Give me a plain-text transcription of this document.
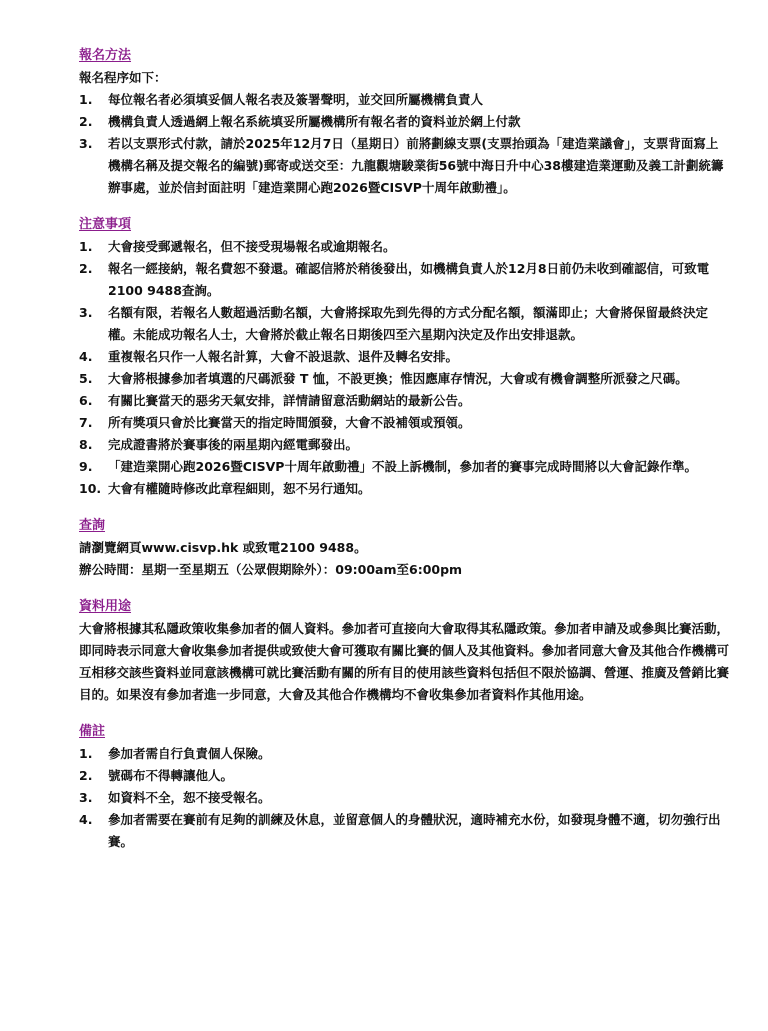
報名方法
報名程序如下：
1.	每位報名者必須填妥個人報名表及簽署聲明，並交回所屬機構負責人
2.	機構負責人透過網上報名系統填妥所屬機構所有報名者的資料並於網上付款
3.	若以支票形式付款，請於2025年12月7日（星期日）前將劃線支票(支票抬頭為「建造業議會」，支票背面寫上機構名稱及提交報名的編號)郵寄或送交至：九龍觀塘駿業街56號中海日升中心38樓建造業運動及義工計劃統籌辦事處，並於信封面註明「建造業開心跑2026暨CISVP十周年啟動禮」。
注意事項
1.	大會接受郵遞報名，但不接受現場報名或逾期報名。
2.	報名一經接納，報名費恕不發還。確認信將於稍後發出，如機構負責人於12月8日前仍未收到確認信，可致電2100 9488查詢。
3.	名額有限，若報名人數超過活動名額，大會將採取先到先得的方式分配名額，額滿即止；大會將保留最終決定權。未能成功報名人士，大會將於截止報名日期後四至六星期內決定及作出安排退款。
4.	重複報名只作一人報名計算，大會不設退款、退件及轉名安排。
5.	大會將根據參加者填選的尺碼派發 T 恤，不設更換；惟因應庫存情況，大會或有機會調整所派發之尺碼。
6.	有關比賽當天的惡劣天氣安排，詳情請留意活動網站的最新公告。
7.	所有獎項只會於比賽當天的指定時間頒發，大會不設補領或預領。
8.	完成證書將於賽事後的兩星期內經電郵發出。
9.	「建造業開心跑2026暨CISVP十周年啟動禮」不設上訴機制，參加者的賽事完成時間將以大會記錄作準。
10. 大會有權隨時修改此章程細則，恕不另行通知。
查詢
請瀏覽網頁www.cisvp.hk 或致電2100 9488。
辦公時間：星期一至星期五（公眾假期除外）：09:00am至6:00pm
資料用途
大會將根據其私隱政策收集參加者的個人資料。參加者可直接向大會取得其私隱政策。參加者申請及或參與比賽活動，即同時表示同意大會收集參加者提供或致使大會可獲取有關比賽的個人及其他資料。參加者同意大會及其他合作機構可互相移交該些資料並同意該機構可就比賽活動有關的所有目的使用該些資料包括但不限於協調、營運、推廣及營銷比賽目的。如果沒有參加者進一步同意，大會及其他合作機構均不會收集參加者資料作其他用途。
備註
1.	參加者需自行負責個人保險。
2.	號碼布不得轉讓他人。
3.	如資料不全，恕不接受報名。
4.	參加者需要在賽前有足夠的訓練及休息，並留意個人的身體狀況，適時補充水份，如發現身體不適，切勿強行出賽。
